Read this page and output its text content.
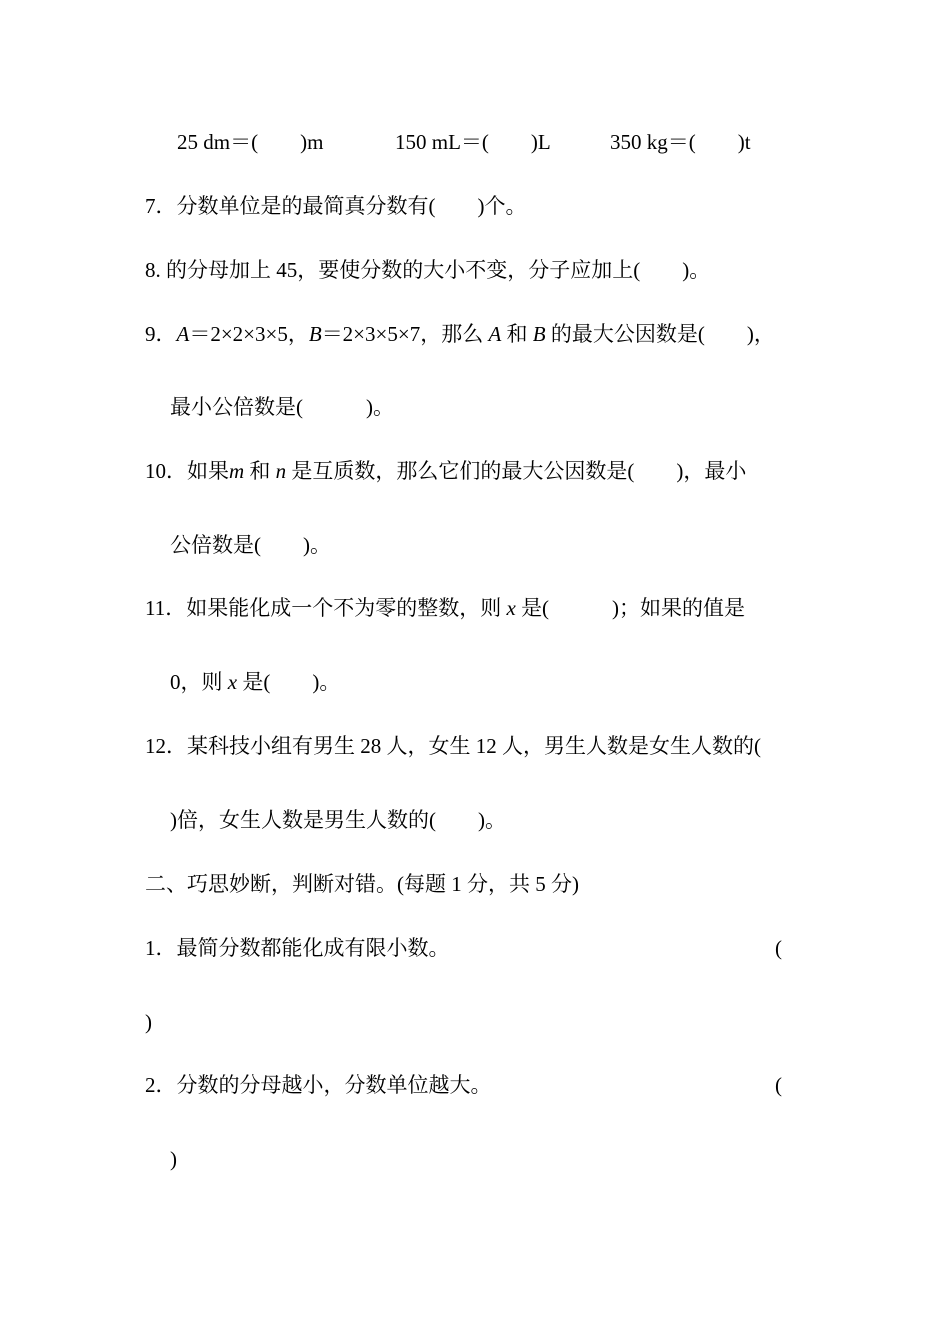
25 dm＝(　　)m	150 mL＝(　　)L	350 kg＝(　　)t
7．分数单位是的最简真分数有(　　)个。
8. 的分母加上 45，要使分数的大小不变，分子应加上(　　)。
9．A＝2×2×3×5，B＝2×3×5×7，那么 A 和 B 的最大公因数是(　　)，
最小公倍数是(　　　)。
10．如果m 和 n 是互质数，那么它们的最大公因数是(　　)，最小
公倍数是(　　)。
11．如果能化成一个不为零的整数，则 x 是(　　　)；如果的值是
0，则 x 是(　　)。
12．某科技小组有男生 28 人，女生 12 人，男生人数是女生人数的(
)倍，女生人数是男生人数的(　　)。
二、巧思妙断，判断对错。(每题 1 分，共 5 分)
1．最简分数都能化成有限小数。	(
)
2．分数的分母越小，分数单位越大。	(
)
